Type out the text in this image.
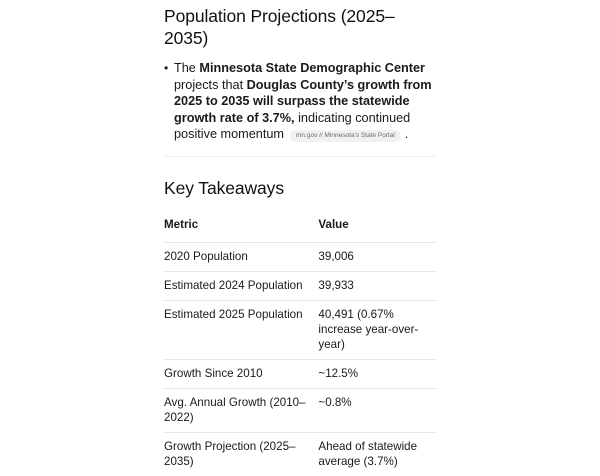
Population Projections (2025–2035)
• The Minnesota State Demographic Center projects that Douglas County’s growth from 2025 to 2035 will surpass the statewide growth rate of 3.7%, indicating continued positive momentum mn.gov // Minnesota's State Portal .
Key Takeaways
Metric	Value
2020 Population	39,006
Estimated 2024 Population	39,933
Estimated 2025 Population	40,491 (0.67% increase year-over-year)
Growth Since 2010	~12.5%
Avg. Annual Growth (2010–2022)	~0.8%
Growth Projection (2025–2035)	Ahead of statewide average (3.7%)
